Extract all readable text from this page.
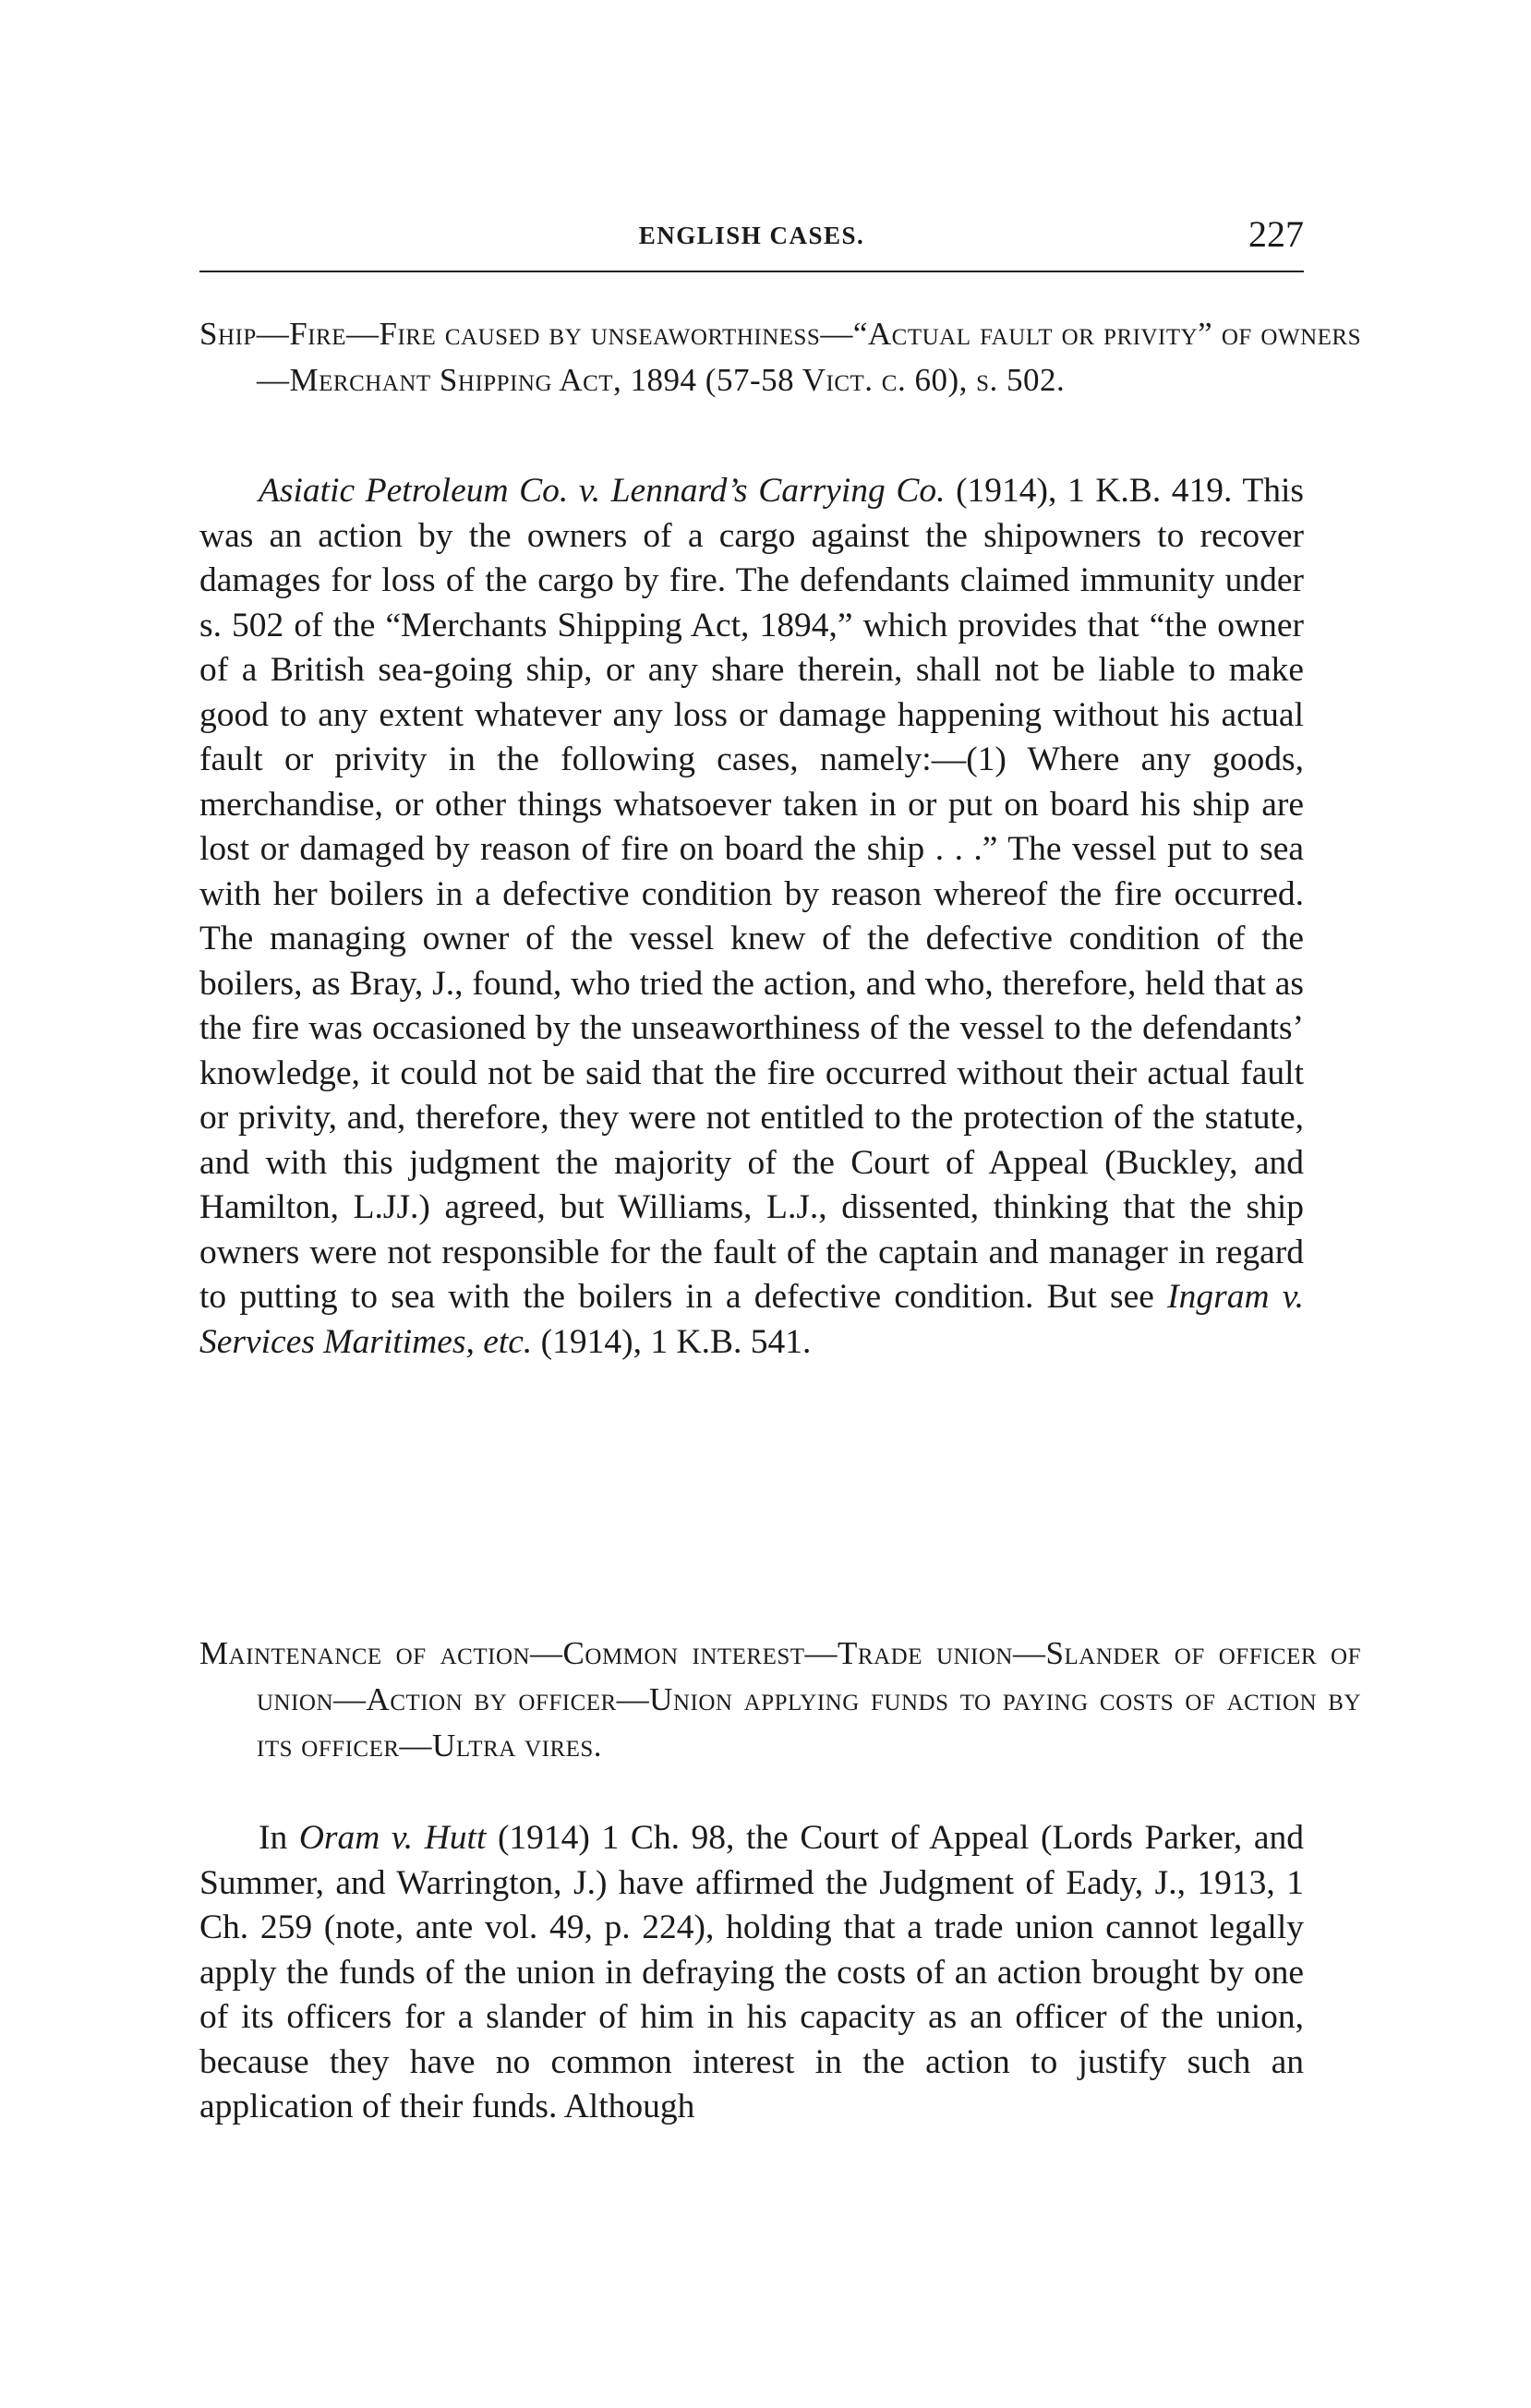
ENGLISH CASES.	227

Ship—Fire—Fire caused by unseaworthiness—“Actual fault or privity” of owners—Merchant Shipping Act, 1894 (57-58 Vict. c. 60), s. 502.

Asiatic Petroleum Co. v. Lennard’s Carrying Co. (1914), 1 K.B. 419. This was an action by the owners of a cargo against the shipowners to recover damages for loss of the cargo by fire. The defendants claimed immunity under s. 502 of the “Merchants Shipping Act, 1894,” which provides that “the owner of a British sea-going ship, or any share therein, shall not be liable to make good to any extent whatever any loss or damage happening without his actual fault or privity in the following cases, namely:—(1) Where any goods, merchandise, or other things whatsoever taken in or put on board his ship are lost or damaged by reason of fire on board the ship . . .” The vessel put to sea with her boilers in a defective condition by reason whereof the fire occurred. The managing owner of the vessel knew of the defective condition of the boilers, as Bray, J., found, who tried the action, and who, therefore, held that as the fire was occasioned by the unseaworthiness of the vessel to the defendants’ knowledge, it could not be said that the fire occurred without their actual fault or privity, and, therefore, they were not entitled to the protection of the statute, and with this judgment the majority of the Court of Appeal (Buckley, and Hamilton, L.JJ.) agreed, but Williams, L.J., dissented, thinking that the ship owners were not responsible for the fault of the captain and manager in regard to putting to sea with the boilers in a defective condition. But see Ingram v. Services Maritimes, etc. (1914), 1 K.B. 541.

Maintenance of action—Common interest—Trade union—Slander of officer of union—Action by officer—Union applying funds to paying costs of action by its officer—Ultra vires.

In Oram v. Hutt (1914) 1 Ch. 98, the Court of Appeal (Lords Parker, and Summer, and Warrington, J.) have affirmed the Judgment of Eady, J., 1913, 1 Ch. 259 (note, ante vol. 49, p. 224), holding that a trade union cannot legally apply the funds of the union in defraying the costs of an action brought by one of its officers for a slander of him in his capacity as an officer of the union, because they have no common interest in the action to justify such an application of their funds. Although
